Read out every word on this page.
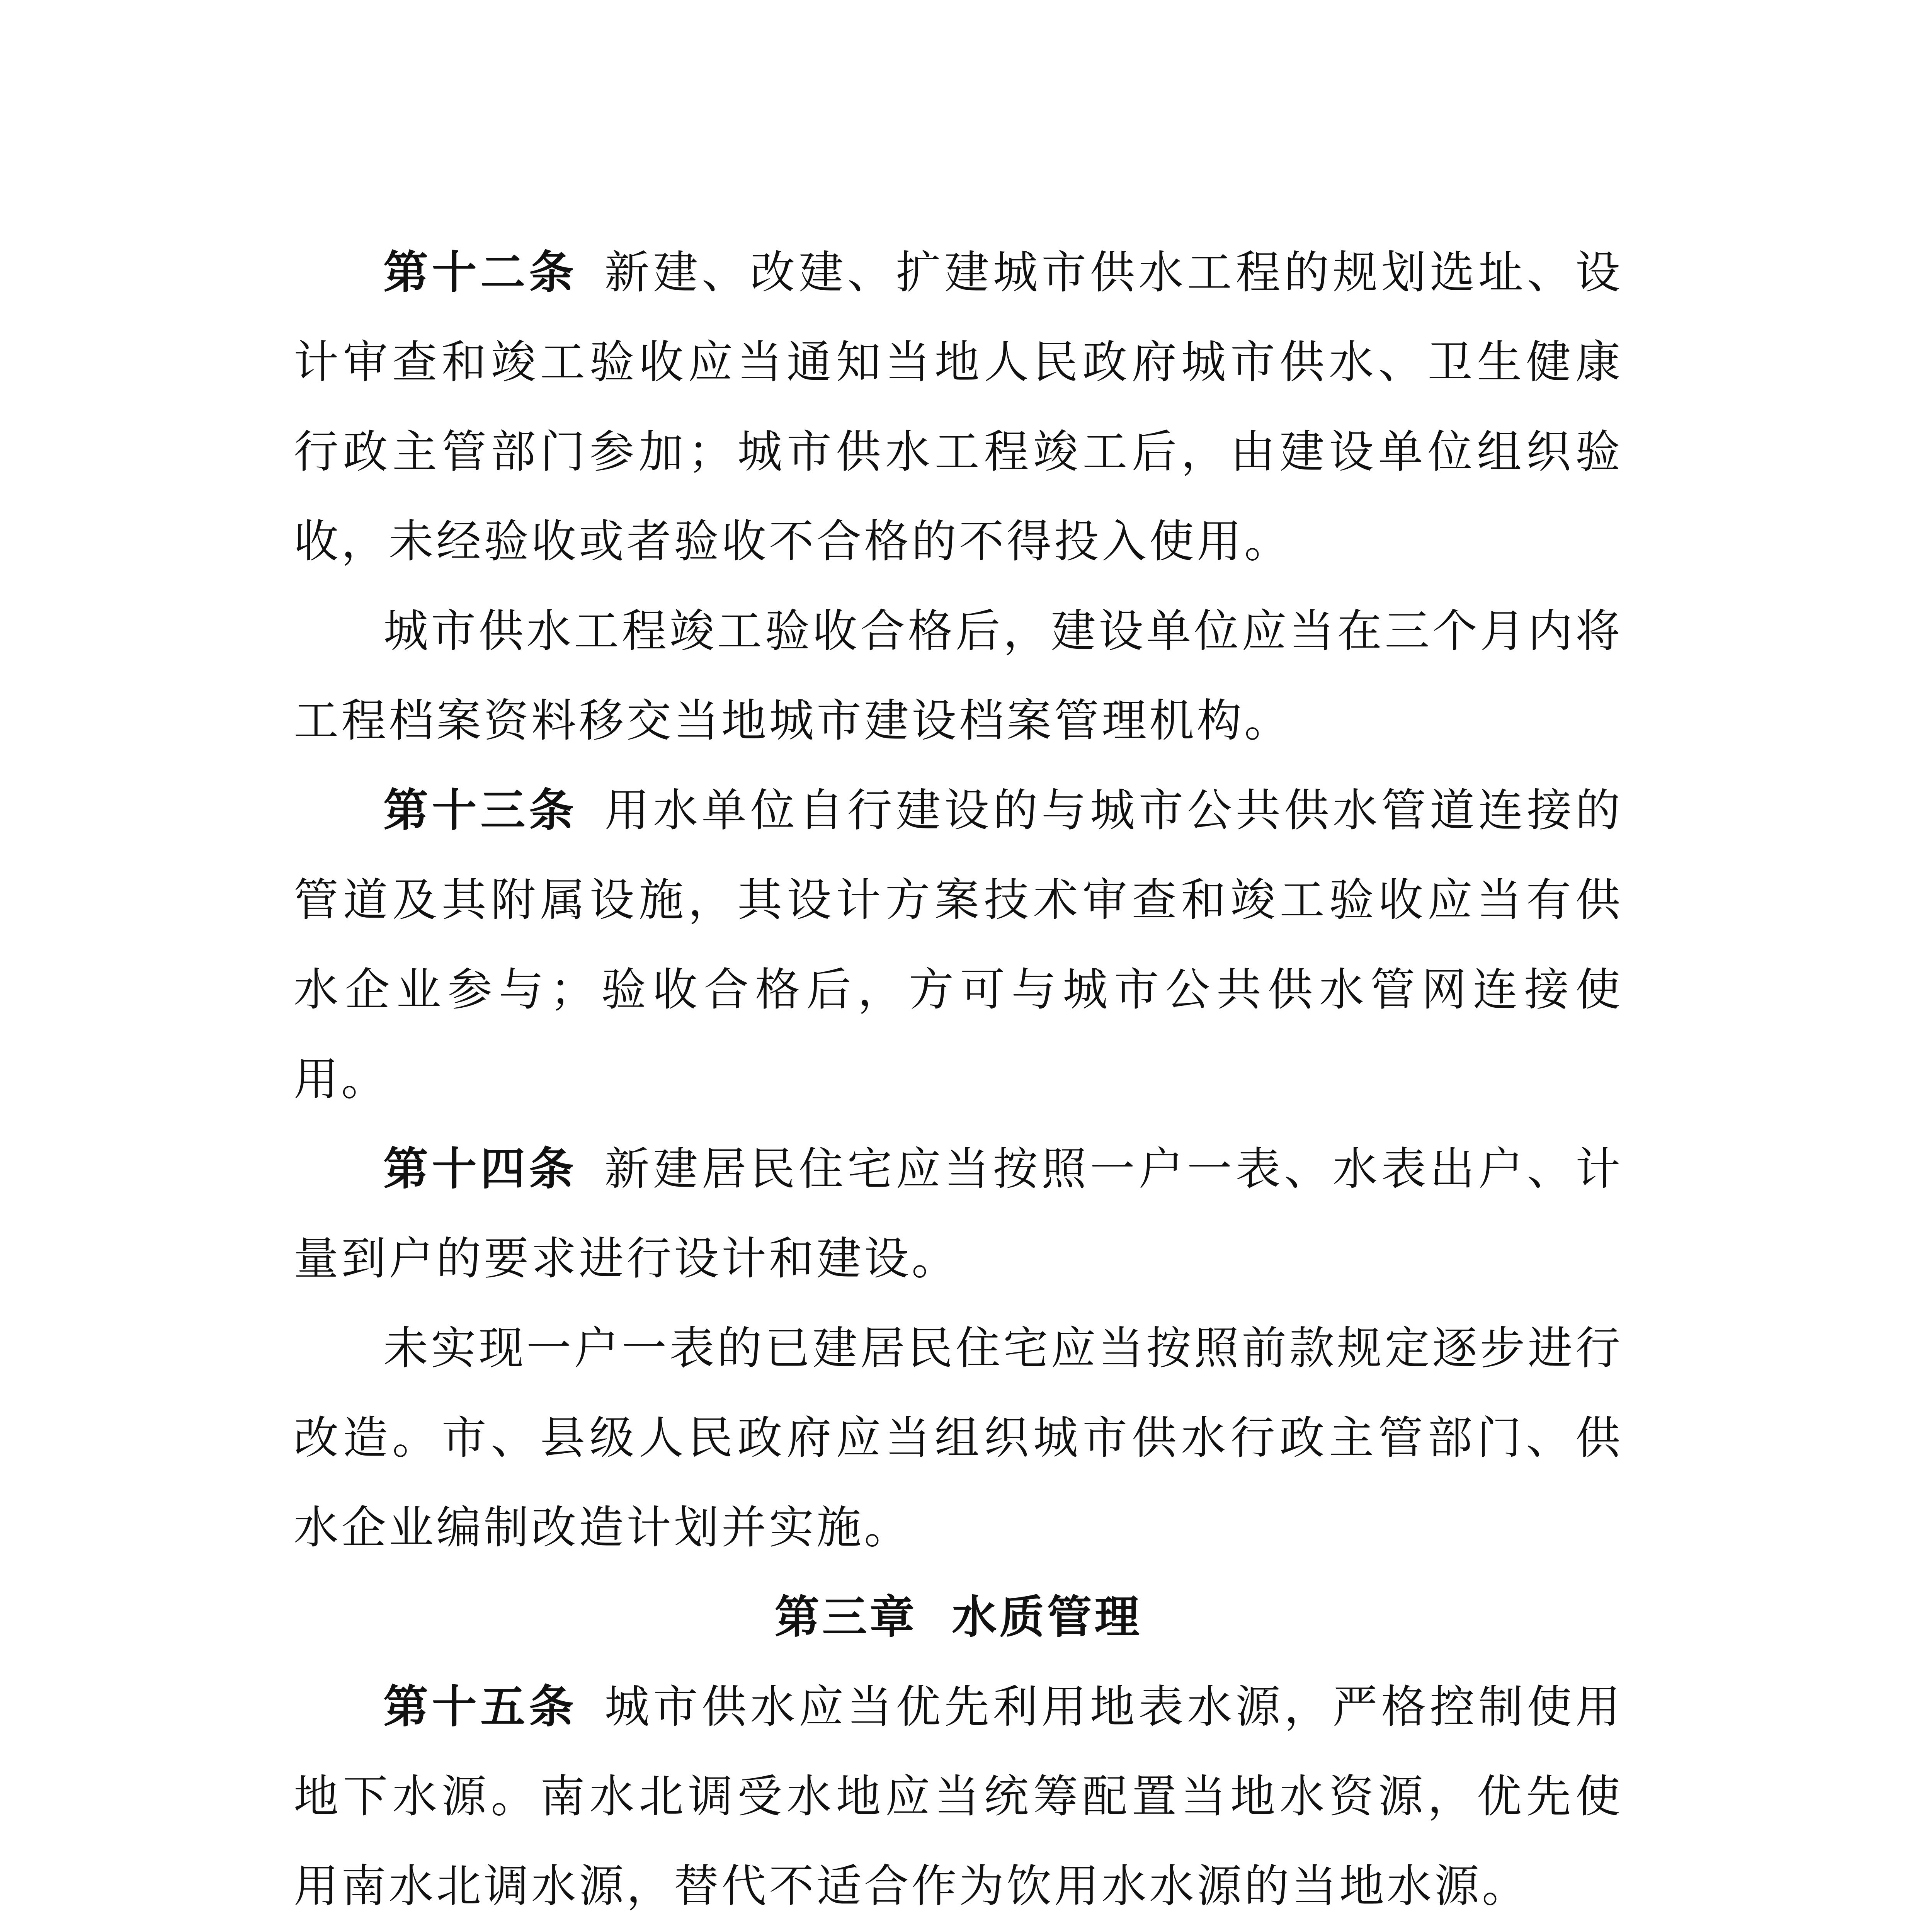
第十二条 新建、改建、扩建城市供水工程的规划选址、设计审查和竣工验收应当通知当地人民政府城市供水、卫生健康行政主管部门参加；城市供水工程竣工后，由建设单位组织验收，未经验收或者验收不合格的不得投入使用。

城市供水工程竣工验收合格后，建设单位应当在三个月内将工程档案资料移交当地城市建设档案管理机构。

第十三条 用水单位自行建设的与城市公共供水管道连接的管道及其附属设施，其设计方案技术审查和竣工验收应当有供水企业参与；验收合格后，方可与城市公共供水管网连接使用。

第十四条 新建居民住宅应当按照一户一表、水表出户、计量到户的要求进行设计和建设。

未实现一户一表的已建居民住宅应当按照前款规定逐步进行改造。市、县级人民政府应当组织城市供水行政主管部门、供水企业编制改造计划并实施。

第三章 水质管理

第十五条 城市供水应当优先利用地表水源，严格控制使用地下水源。南水北调受水地应当统筹配置当地水资源，优先使用南水北调水源，替代不适合作为饮用水水源的当地水源。
